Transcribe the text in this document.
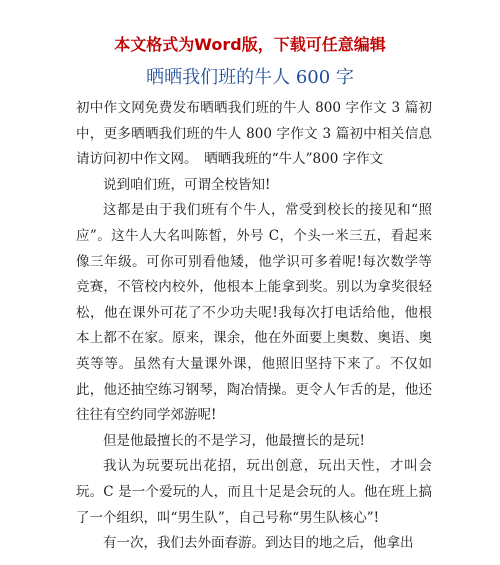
本文格式为Word版，下载可任意编辑
晒晒我们班的牛人 600 字

初中作文网免费发布晒晒我们班的牛人 800 字作文 3 篇初中，更多晒晒我们班的牛人 800 字作文 3 篇初中相关信息请访问初中作文网。　晒晒我班的“牛人”800 字作文

说到咱们班，可谓全校皆知!

这都是由于我们班有个牛人，常受到校长的接见和“照应”。这牛人大名叫陈皙，外号 C，个头一米三五，看起来像三年级。可你可别看他矮，他学识可多着呢!每次数学等竞赛，不管校内校外，他根本上能拿到奖。别以为拿奖很轻松，他在课外可花了不少功夫呢!我每次打电话给他，他根本上都不在家。原来，课余，他在外面要上奥数、奥语、奥英等等。虽然有大量课外课，他照旧坚持下来了。不仅如此，他还抽空练习钢琴，陶冶情操。更令人乍舌的是，他还往往有空约同学郊游呢!

但是他最擅长的不是学习，他最擅长的是玩!

我认为玩要玩出花招，玩出创意，玩出天性，才叫会玩。C 是一个爱玩的人，而且十足是会玩的人。他在班上搞了一个组织，叫“男生队”，自己号称“男生队核心”!

有一次，我们去外面春游。到达目的地之后，他拿出
